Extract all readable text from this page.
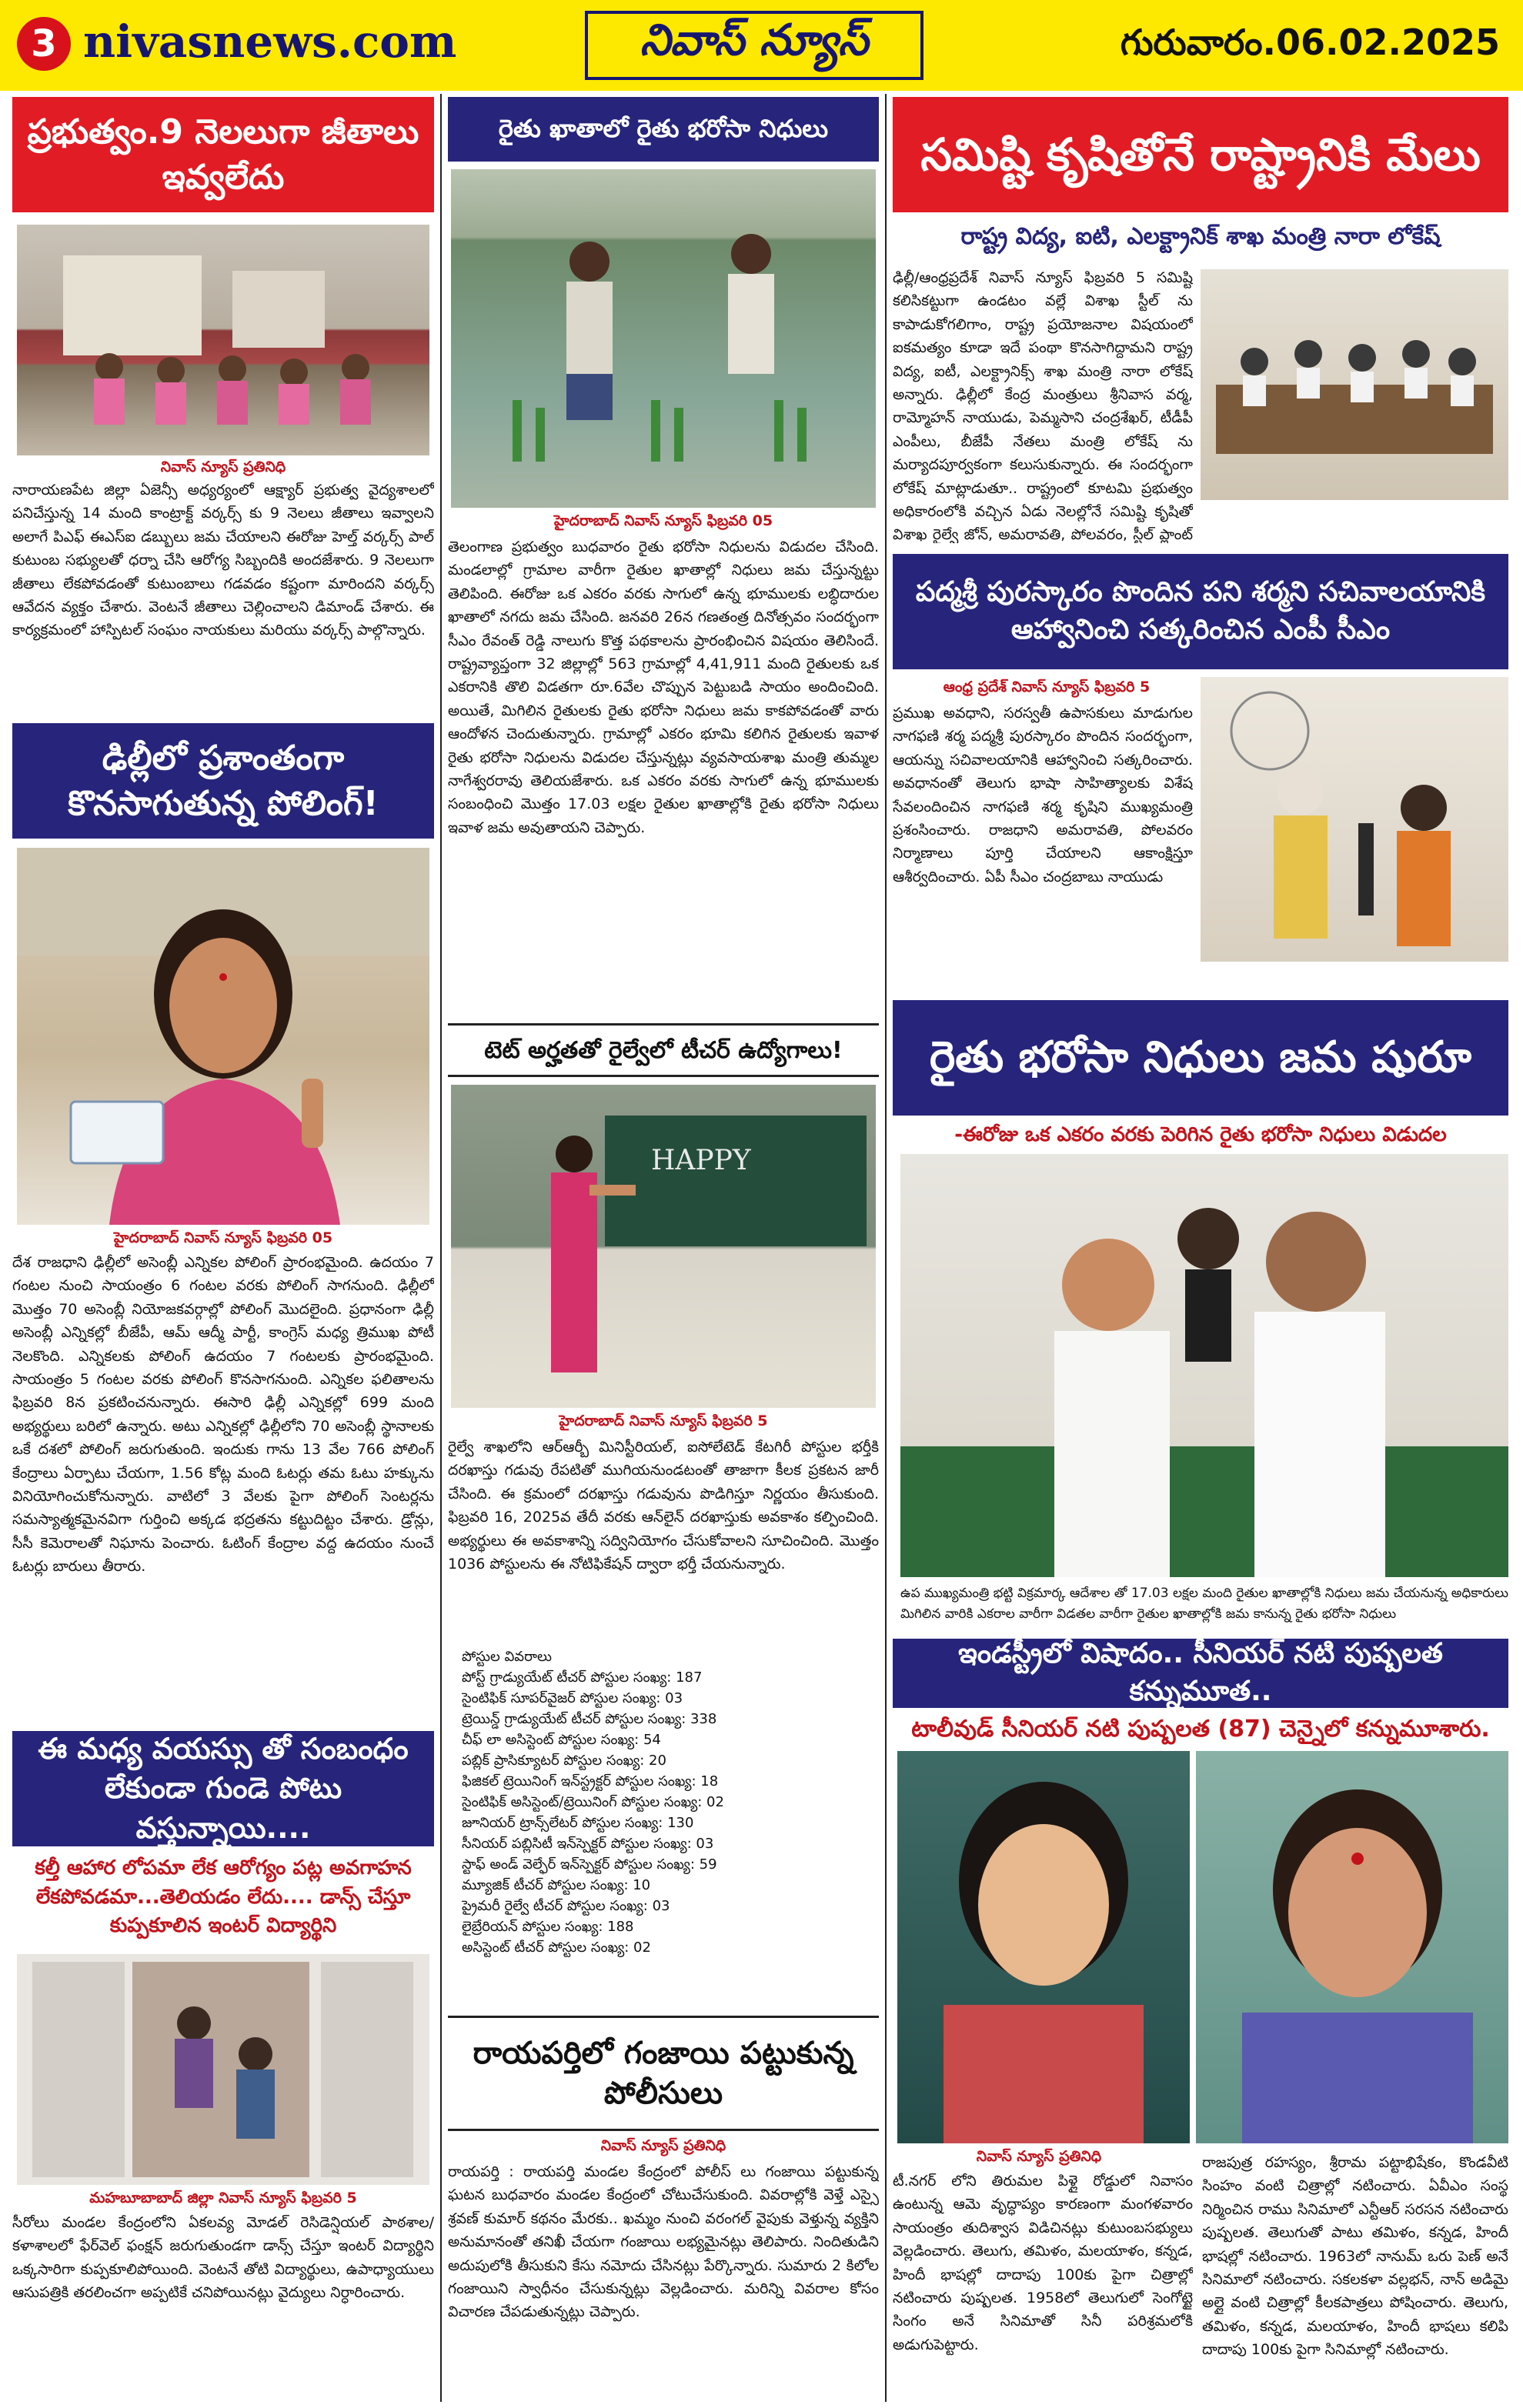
3 nivasnews.com	నివాస్ న్యూస్	గురువారం.06.02.2025
ప్రభుత్వం.9 నెలలుగా జీతాలు ఇవ్వలేదు
నివాస్ న్యూస్ ప్రతినిధి
నారాయణపేట జిల్లా ఏజెన్సీ అధ్యర్యంలో ఆక్ష్యార్ ప్రభుత్వ వైద్యశాలలో పనిచేస్తున్న 14 మంది కాంట్రాక్ట్ వర్కర్స్ కు 9 నెలలు జీతాలు ఇవ్వాలని అలాగే పిఎఫ్ ఈఎస్ఐ డబ్బులు జమ చేయాలని ఈరోజు హెల్త్ వర్కర్స్ పాల్ కుటుంబ సభ్యులతో ధర్నా చేసి ఆరోగ్య సిబ్బందికి అందజేశారు. 9 నెలలుగా జీతాలు లేకపోవడంతో కుటుంబాలు గడవడం కష్టంగా మారిందని వర్కర్స్ ఆవేదన వ్యక్తం చేశారు. వెంటనే జీతాలు చెల్లించాలని డిమాండ్ చేశారు. ఈ కార్యక్రమంలో హాస్పిటల్ సంఘం నాయకులు మరియు వర్కర్స్ పాల్గొన్నారు.
ఢిల్లీలో ప్రశాంతంగా కొనసాగుతున్న పోలింగ్!
హైదరాబాద్ నివాస్ న్యూస్ ఫిబ్రవరి 05
దేశ రాజధాని ఢిల్లీలో అసెంబ్లీ ఎన్నికల పోలింగ్ ప్రారంభమైంది. ఉదయం 7 గంటల నుంచి సాయంత్రం 6 గంటల వరకు పోలింగ్ సాగనుంది. ఢిల్లీలో మొత్తం 70 అసెంబ్లీ నియోజకవర్గాల్లో పోలింగ్ మొదలైంది. ప్రధానంగా ఢిల్లీ అసెంబ్లీ ఎన్నికల్లో బీజేపీ, ఆమ్ ఆద్మీ పార్టీ, కాంగ్రెస్ మధ్య త్రిముఖ పోటీ నెలకొంది. ఎన్నికలకు పోలింగ్ ఉదయం 7 గంటలకు ప్రారంభమైంది. సాయంత్రం 5 గంటల వరకు పోలింగ్ కొనసాగనుంది. ఎన్నికల ఫలితాలను ఫిబ్రవరి 8న ప్రకటించనున్నారు. ఈసారి ఢిల్లీ ఎన్నికల్లో 699 మంది అభ్యర్థులు బరిలో ఉన్నారు. అటు ఎన్నికల్లో ఢిల్లీలోని 70 అసెంబ్లీ స్థానాలకు ఒకే దశలో పోలింగ్ జరుగుతుంది. ఇందుకు గాను 13 వేల 766 పోలింగ్ కేంద్రాలు ఏర్పాటు చేయగా, 1.56 కోట్ల మంది ఓటర్లు తమ ఓటు హక్కును వినియోగించుకోనున్నారు. వాటిలో 3 వేలకు పైగా పోలింగ్ సెంటర్లను సమస్యాత్మకమైనవిగా గుర్తించి అక్కడ భద్రతను కట్టుదిట్టం చేశారు. డ్రోన్లు, సీసీ కెమెరాలతో నిఘాను పెంచారు. ఓటింగ్ కేంద్రాల వద్ద ఉదయం నుంచే ఓటర్లు బారులు తీరారు.
ఈ మధ్య వయస్సు తో సంబంధం లేకుండా గుండె పోటు వస్తున్నాయి....
కల్తీ ఆహార లోపమా లేక ఆరోగ్యం పట్ల అవగాహన లేకపోవడమా...తెలియడం లేదు.... డాన్స్ చేస్తూ కుప్పకూలిన ఇంటర్ విద్యార్థిని
మహబూబాబాద్ జిల్లా నివాస్ న్యూస్ ఫిబ్రవరి 5
సీరోలు మండల కేంద్రంలోని ఏకలవ్య మోడల్ రెసిడెన్షియల్ పాఠశాల/కళాశాలలో ఫేర్‌వెల్ ఫంక్షన్ జరుగుతుండగా డాన్స్ చేస్తూ ఇంటర్ విద్యార్థిని ఒక్కసారిగా కుప్పకూలిపోయింది. వెంటనే తోటి విద్యార్థులు, ఉపాధ్యాయులు ఆసుపత్రికి తరలించగా అప్పటికే చనిపోయినట్లు వైద్యులు నిర్ధారించారు.
రైతు ఖాతాలో రైతు భరోసా నిధులు
హైదరాబాద్ నివాస్ న్యూస్ ఫిబ్రవరి 05
తెలంగాణ ప్రభుత్వం బుధవారం రైతు భరోసా నిధులను విడుదల చేసింది. మండలాల్లో గ్రామాల వారీగా రైతుల ఖాతాల్లో నిధులు జమ చేస్తున్నట్టు తెలిపింది. ఈరోజు ఒక ఎకరం వరకు సాగులో ఉన్న భూములకు లబ్ధిదారుల ఖాతాలో నగదు జమ చేసింది. జనవరి 26న గణతంత్ర దినోత్సవం సందర్భంగా సీఎం రేవంత్ రెడ్డి నాలుగు కొత్త పథకాలను ప్రారంభించిన విషయం తెలిసిందే. రాష్ట్రవ్యాప్తంగా 32 జిల్లాల్లో 563 గ్రామాల్లో 4,41,911 మంది రైతులకు ఒక ఎకరానికి తొలి విడతగా రూ.6వేల చొప్పున పెట్టుబడి సాయం అందించింది. అయితే, మిగిలిన రైతులకు రైతు భరోసా నిధులు జమ కాకపోవడంతో వారు ఆందోళన చెందుతున్నారు. గ్రామాల్లో ఎకరం భూమి కలిగిన రైతులకు ఇవాళ రైతు భరోసా నిధులను విడుదల చేస్తున్నట్లు వ్యవసాయశాఖ మంత్రి తుమ్మల నాగేశ్వరరావు తెలియజేశారు. ఒక ఎకరం వరకు సాగులో ఉన్న భూములకు సంబంధించి మొత్తం 17.03 లక్షల రైతుల ఖాతాల్లోకి రైతు భరోసా నిధులు ఇవాళ జమ అవుతాయని చెప్పారు.
టెట్ అర్హతతో రైల్వేలో టీచర్ ఉద్యోగాలు!
HAPPY
హైదరాబాద్ నివాస్ న్యూస్ ఫిబ్రవరి 5
రైల్వే శాఖలోని ఆర్ఆర్బీ మినిస్టీరియల్, ఐసోలేటెడ్ కేటగిరీ పోస్టుల భర్తీకి దరఖాస్తు గడువు రేపటితో ముగియనుండటంతో తాజాగా కీలక ప్రకటన జారీ చేసింది. ఈ క్రమంలో దరఖాస్తు గడువును పొడిగిస్తూ నిర్ణయం తీసుకుంది. ఫిబ్రవరి 16, 2025వ తేదీ వరకు ఆన్‌లైన్ దరఖాస్తుకు అవకాశం కల్పించింది. అభ్యర్థులు ఈ అవకాశాన్ని సద్వినియోగం చేసుకోవాలని సూచించింది. మొత్తం 1036 పోస్టులను ఈ నోటిఫికేషన్ ద్వారా భర్తీ చేయనున్నారు.
పోస్టుల వివరాలు
పోస్ట్ గ్రాడ్యుయేట్ టీచర్ పోస్టుల సంఖ్య: 187
సైంటిఫిక్ సూపర్‌వైజర్ పోస్టుల సంఖ్య: 03
ట్రెయిన్డ్ గ్రాడ్యుయేట్ టీచర్ పోస్టుల సంఖ్య: 338
చీఫ్ లా అసిస్టెంట్ పోస్టుల సంఖ్య: 54
పబ్లిక్ ప్రాసిక్యూటర్ పోస్టుల సంఖ్య: 20
ఫిజికల్ ట్రెయినింగ్ ఇన్‌స్ట్రక్టర్ పోస్టుల సంఖ్య: 18
సైంటిఫిక్ అసిస్టెంట్/ట్రెయినింగ్ పోస్టుల సంఖ్య: 02
జూనియర్ ట్రాన్స్‌లేటర్ పోస్టుల సంఖ్య: 130
సీనియర్ పబ్లిసిటీ ఇన్‌స్పెక్టర్ పోస్టుల సంఖ్య: 03
స్టాఫ్ అండ్ వెల్ఫేర్ ఇన్‌స్పెక్టర్ పోస్టుల సంఖ్య: 59
మ్యూజిక్ టీచర్ పోస్టుల సంఖ్య: 10
ప్రైమరీ రైల్వే టీచర్ పోస్టుల సంఖ్య: 03
లైబ్రేరియన్ పోస్టుల సంఖ్య: 188
అసిస్టెంట్ టీచర్ పోస్టుల సంఖ్య: 02
రాయపర్తిలో గంజాయి పట్టుకున్న పోలీసులు
నివాస్ న్యూస్ ప్రతినిధి
రాయపర్తి : రాయపర్తి మండల కేంద్రంలో పోలీస్ లు గంజాయి పట్టుకున్న ఘటన బుధవారం మండల కేంద్రంలో చోటుచేసుకుంది. వివరాల్లోకి వెళ్తే ఎస్సై శ్రవణ్ కుమార్ కథనం మేరకు.. ఖమ్మం నుంచి వరంగల్ వైపుకు వెళ్తున్న వ్యక్తిని అనుమానంతో తనిఖీ చేయగా గంజాయి లభ్యమైనట్లు తెలిపారు. నిందితుడిని అదుపులోకి తీసుకుని కేసు నమోదు చేసినట్లు పేర్కొన్నారు. సుమారు 2 కిలోల గంజాయిని స్వాధీనం చేసుకున్నట్లు వెల్లడించారు. మరిన్ని వివరాల కోసం విచారణ చేపడుతున్నట్లు చెప్పారు.
సమిష్టి కృషితోనే రాష్ట్రానికి మేలు
రాష్ట్ర విద్య, ఐటి, ఎలక్ట్రానిక్ శాఖ మంత్రి నారా లోకేష్
ఢిల్లీ/ఆంధ్రప్రదేశ్ నివాస్ న్యూస్ ఫిబ్రవరి 5 సమిష్టి కలిసికట్టుగా ఉండటం వల్లే విశాఖ స్టీల్ ను కాపాడుకోగలిగాం, రాష్ట్ర ప్రయోజనాల విషయంలో ఐకమత్యం కూడా ఇదే పంథా కొనసాగిద్దామని రాష్ట్ర విద్య, ఐటీ, ఎలక్ట్రానిక్స్ శాఖ మంత్రి నారా లోకేష్ అన్నారు. ఢిల్లీలో కేంద్ర మంత్రులు శ్రీనివాస వర్మ, రామ్మోహన్ నాయుడు, పెమ్మసాని చంద్రశేఖర్, టీడీపీ ఎంపీలు, బీజేపీ నేతలు మంత్రి లోకేష్ ను మర్యాదపూర్వకంగా కలుసుకున్నారు. ఈ సందర్భంగా లోకేష్ మాట్లాడుతూ.. రాష్ట్రంలో కూటమి ప్రభుత్వం అధికారంలోకి వచ్చిన ఏడు నెలల్లోనే సమిష్టి కృషితో విశాఖ రైల్వే జోన్, అమరావతి, పోలవరం, స్టీల్ ప్లాంట్
పద్మశ్రీ పురస్కారం పొందిన పని శర్మని సచివాలయానికి ఆహ్వానించి సత్కరించిన ఎంపీ సీఎం
ఆంధ్ర ప్రదేశ్ నివాస్ న్యూస్ ఫిబ్రవరి 5
ప్రముఖ అవధాని, సరస్వతీ ఉపాసకులు మాడుగుల నాగఫణి శర్మ పద్మశ్రీ పురస్కారం పొందిన సందర్భంగా, ఆయన్ను సచివాలయానికి ఆహ్వానించి సత్కరించారు. అవధానంతో తెలుగు భాషా సాహిత్యాలకు విశేష సేవలందించిన నాగఫణి శర్మ కృషిని ముఖ్యమంత్రి ప్రశంసించారు. రాజధాని అమరావతి, పోలవరం నిర్మాణాలు పూర్తి చేయాలని ఆకాంక్షిస్తూ ఆశీర్వదించారు. ఏపీ సీఎం చంద్రబాబు నాయుడు
రైతు భరోసా నిధులు జమ షురూ
-ఈరోజు ఒక ఎకరం వరకు పెరిగిన రైతు భరోసా నిధులు విడుదల
ఉప ముఖ్యమంత్రి భట్టి విక్రమార్క ఆదేశాల తో 17.03 లక్షల మంది రైతుల ఖాతాల్లోకి నిధులు జమ చేయనున్న అధికారులు మిగిలిన వారికి ఎకరాల వారీగా విడతల వారీగా రైతుల ఖాతాల్లోకి జమ కానున్న రైతు భరోసా నిధులు
ఇండస్ట్రీలో విషాదం.. సీనియర్ నటి పుష్పలత కన్నుమూత..
టాలీవుడ్ సీనియర్ నటి పుష్పలత (87) చెన్నైలో కన్నుమూశారు.
నివాస్ న్యూస్ ప్రతినిధి
టీ.నగర్ లోని తిరుమల పిళ్లై రోడ్డులో నివాసం ఉంటున్న ఆమె వృద్ధాప్యం కారణంగా మంగళవారం సాయంత్రం తుదిశ్వాస విడిచినట్లు కుటుంబసభ్యులు వెల్లడించారు. తెలుగు, తమిళం, మలయాళం, కన్నడ, హిందీ భాషల్లో దాదాపు 100కు పైగా చిత్రాల్లో నటించారు పుష్పలత. 1958లో తెలుగులో సెంగోట్టై సింగం అనే సినిమాతో సినీ పరిశ్రమలోకి అడుగుపెట్టారు.
రాజపుత్ర రహస్యం, శ్రీరామ పట్టాభిషేకం, కొండవీటి సింహం వంటి చిత్రాల్లో నటించారు. ఏవీఎం సంస్థ నిర్మించిన రాము సినిమాలో ఎన్టీఆర్ సరసన నటించారు పుష్పలత. తెలుగుతో పాటు తమిళం, కన్నడ, హిందీ భాషల్లో నటించారు. 1963లో నానుమ్ ఒరు పెణ్ అనే సినిమాలో నటించారు. సకలకళా వల్లభన్, నాన్ అడిమై అల్లై వంటి చిత్రాల్లో కీలకపాత్రలు పోషించారు. తెలుగు, తమిళం, కన్నడ, మలయాళం, హిందీ భాషలు కలిపి దాదాపు 100కు పైగా సినిమాల్లో నటించారు.
